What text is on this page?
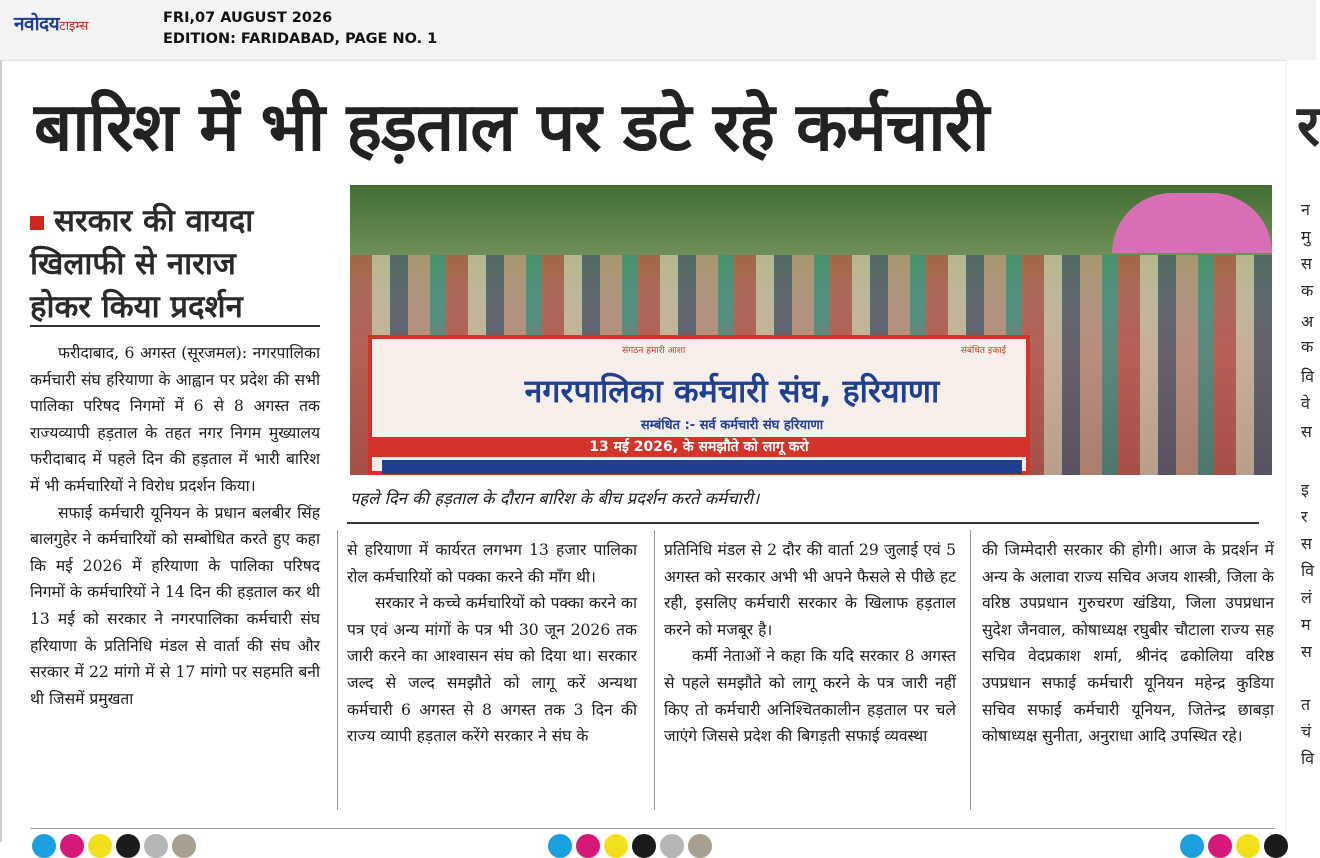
नवोदयटाइम्स
FRI,07 AUGUST 2026
EDITION: FARIDABAD, PAGE NO. 1
बारिश में भी हड़ताल पर डटे रहे कर्मचारी
सरकार की वायदा
खिलाफी से नाराज
होकर किया प्रदर्शन
संगठन हमारी आशा	संबंधित इकाई
नगरपालिका कर्मचारी संघ, हरियाणा
सम्बंधित :- सर्व कर्मचारी संघ हरियाणा
13 मई 2026, के समझौते को लागू करो
पहले दिन की हड़ताल के दौरान बारिश के बीच प्रदर्शन करते कर्मचारी।

फरीदाबाद, 6 अगस्त (सूरजमल): नगरपालिका कर्मचारी संघ हरियाणा के आह्वान पर प्रदेश की सभी पालिका परिषद निगमों में 6 से 8 अगस्त तक राज्यव्यापी हड़ताल के तहत नगर निगम मुख्यालय फरीदाबाद में पहले दिन की हड़ताल में भारी बारिश में भी कर्मचारियों ने विरोध प्रदर्शन किया।

सफाई कर्मचारी यूनियन के प्रधान बलबीर सिंह बालगुहेर ने कर्मचारियों को सम्बोधित करते हुए कहा कि मई 2026 में हरियाणा के पालिका परिषद निगमों के कर्मचारियों ने 14 दिन की हड़ताल कर थी 13 मई को सरकार ने नगरपालिका कर्मचारी संघ हरियाणा के प्रतिनिधि मंडल से वार्ता की संघ और सरकार में 22 मांगो में से 17 मांगो पर सहमति बनी थी जिसमें प्रमुखता

से हरियाणा में कार्यरत लगभग 13 हजार पालिका रोल कर्मचारियों को पक्का करने की माँग थी।

सरकार ने कच्चे कर्मचारियों को पक्का करने का पत्र एवं अन्य मांगों के पत्र भी 30 जून 2026 तक जारी करने का आश्वासन संघ को दिया था। सरकार जल्द से जल्द समझौते को लागू करें अन्यथा कर्मचारी 6 अगस्त से 8 अगस्त तक 3 दिन की राज्य व्यापी हड़ताल करेंगे सरकार ने संघ के

प्रतिनिधि मंडल से 2 दौर की वार्ता 29 जुलाई एवं 5 अगस्त को सरकार अभी भी अपने फैसले से पीछे हट रही, इसलिए कर्मचारी सरकार के खिलाफ हड़ताल करने को मजबूर है।

कर्मी नेताओं ने कहा कि यदि सरकार 8 अगस्त से पहले समझौते को लागू करने के पत्र जारी नहीं किए तो कर्मचारी अनिश्चितकालीन हड़ताल पर चले जाएंगे जिससे प्रदेश की बिगड़ती सफाई व्यवस्था

की जिम्मेदारी सरकार की होगी। आज के प्रदर्शन में अन्य के अलावा राज्य सचिव अजय शास्त्री, जिला के वरिष्ठ उपप्रधान गुरुचरण खंडिया, जिला उपप्रधान सुदेश जैनवाल, कोषाध्यक्ष रघुबीर चौटाला राज्य सह सचिव वेदप्रकाश शर्मा, श्रीनंद ढकोलिया वरिष्ठ उपप्रधान सफाई कर्मचारी यूनियन महेन्द्र कुडिया सचिव सफाई कर्मचारी यूनियन, जितेन्द्र छाबड़ा कोषाध्यक्ष सुनीता, अनुराधा आदि उपस्थित रहे।

र
न
मु
स
क
अ
क
वि
वे
स
इ
र
स
वि
लं
म
स
त
चं
वि
